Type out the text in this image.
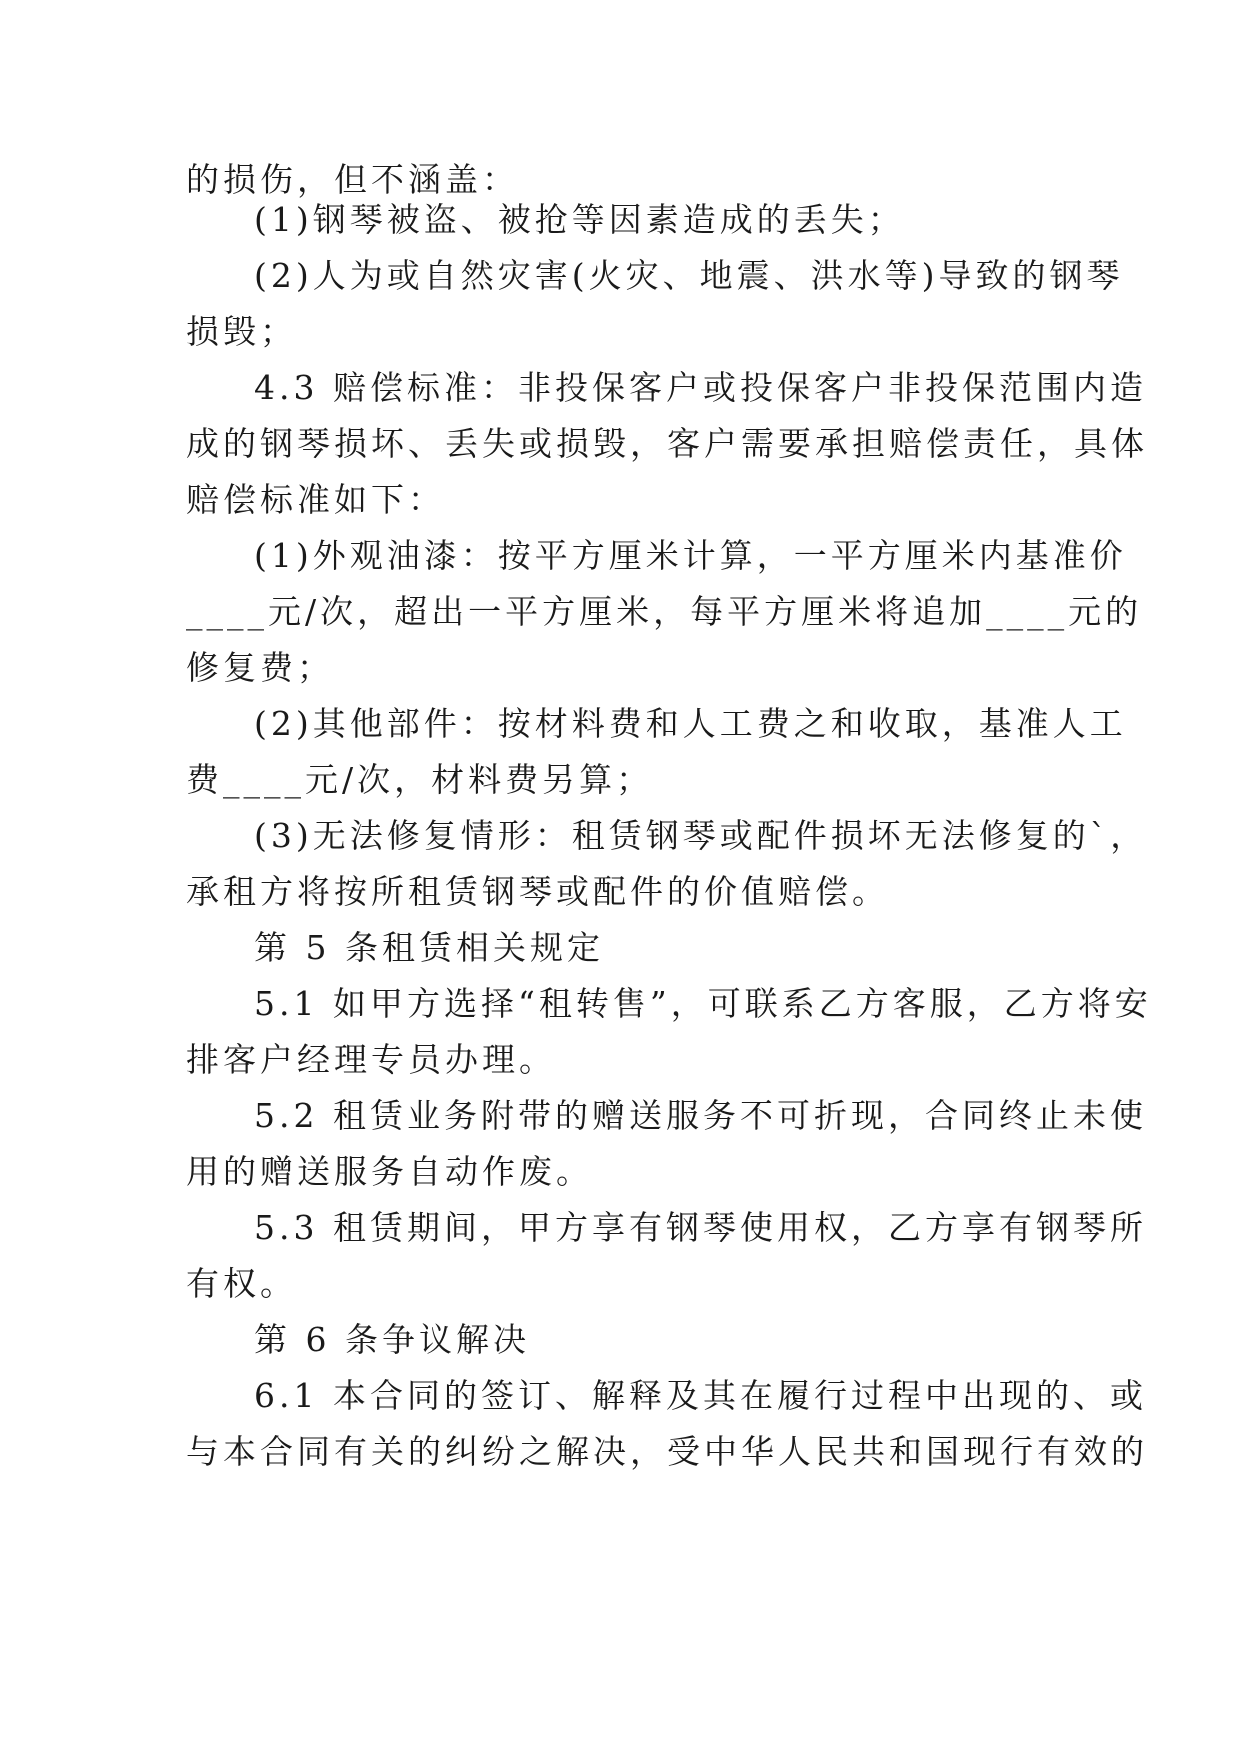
的损伤，但不涵盖：
(1)钢琴被盗、被抢等因素造成的丢失；
(2)人为或自然灾害(火灾、地震、洪水等)导致的钢琴
损毁；
4.3 赔偿标准：非投保客户或投保客户非投保范围内造
成的钢琴损坏、丢失或损毁，客户需要承担赔偿责任，具体
赔偿标准如下：
(1)外观油漆：按平方厘米计算，一平方厘米内基准价
____元/次，超出一平方厘米，每平方厘米将追加____元的
修复费；
(2)其他部件：按材料费和人工费之和收取，基准人工
费____元/次，材料费另算；
(3)无法修复情形：租赁钢琴或配件损坏无法修复的`，
承租方将按所租赁钢琴或配件的价值赔偿。
第 5 条租赁相关规定
5.1 如甲方选择“租转售”，可联系乙方客服，乙方将安
排客户经理专员办理。
5.2 租赁业务附带的赠送服务不可折现，合同终止未使
用的赠送服务自动作废。
5.3 租赁期间，甲方享有钢琴使用权，乙方享有钢琴所
有权。
第 6 条争议解决
6.1 本合同的签订、解释及其在履行过程中出现的、或
与本合同有关的纠纷之解决，受中华人民共和国现行有效的
